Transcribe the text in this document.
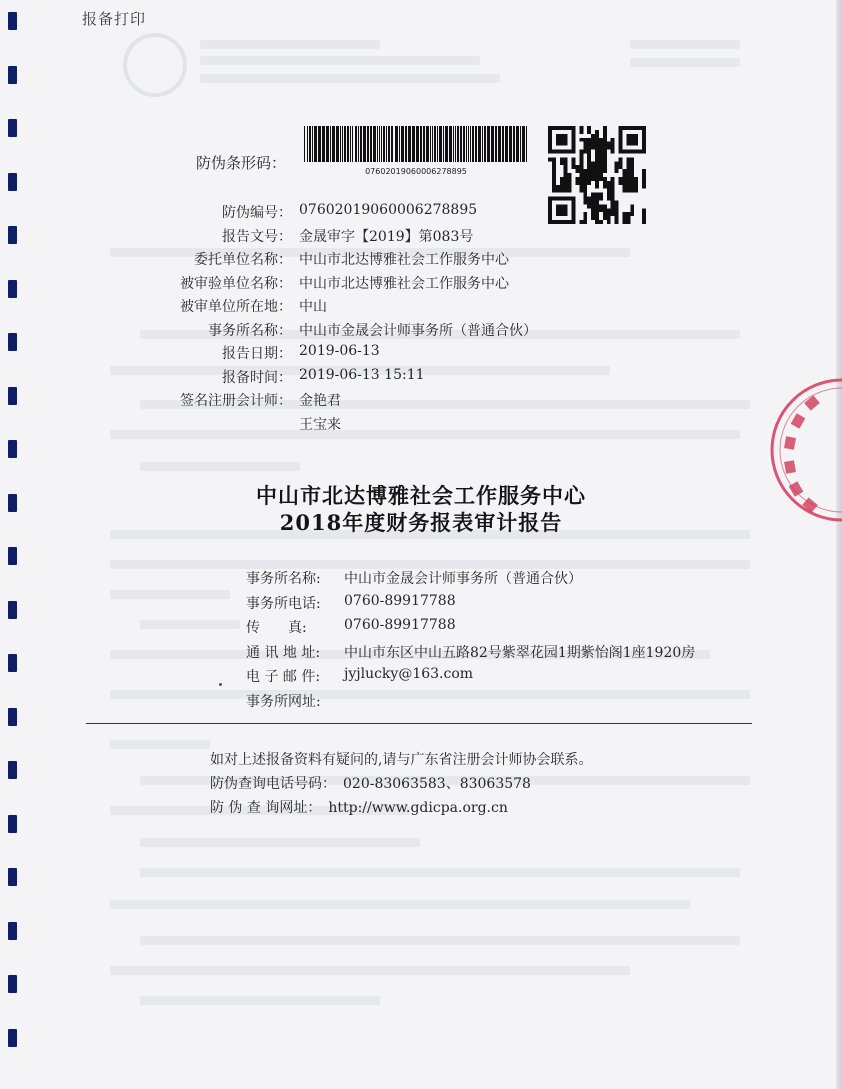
报备打印
防伪条形码：	07602019060006278895
防伪编号： 07602019060006278895
报告文号： 金晟审字【2019】第083号
委托单位名称： 中山市北达博雅社会工作服务中心
被审验单位名称： 中山市北达博雅社会工作服务中心
被审单位所在地： 中山
事务所名称： 中山市金晟会计师事务所（普通合伙）
报告日期： 2019-06-13
报备时间： 2019-06-13 15:11
签名注册会计师： 金艳君
王宝来
中山市北达博雅社会工作服务中心
2018年度财务报表审计报告
事务所名称:	中山市金晟会计师事务所（普通合伙）
事务所电话:	0760-89917788
传　　真:	0760-89917788
通 讯 地 址:	中山市东区中山五路82号紫翠花园1期紫怡阁1座1920房
电 子 邮 件:	jyjlucky@163.com
事务所网址:
如对上述报备资料有疑问的,请与广东省注册会计师协会联系。
防伪查询电话号码：　020-83063583、83063578
防 伪 查 询网址：　http://www.gdicpa.org.cn
